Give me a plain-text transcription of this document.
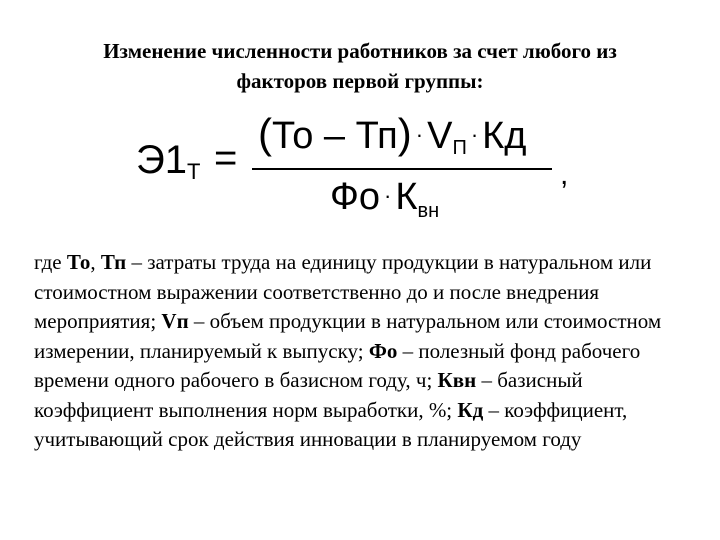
Изменение численности работников за счет любого из
факторов первой группы:
$Э1_Т$ =
$(То - Тп) \cdot V_П\cdot$ Кд
Фо · $К_{вн}$
,
где То, Тп – затраты труда на единицу продукции в натуральном или стоимостном выражении соответственно до и после внедрения мероприятия; Vп – объем продукции в натуральном или стоимостном измерении, планируемый к выпуску; Фо – полезный фонд рабочего времени одного рабочего в базисном году, ч; Квн – базисный коэффициент выполнения норм выработки, %; Кд – коэффициент, учитывающий срок действия инновации в планируемом году
